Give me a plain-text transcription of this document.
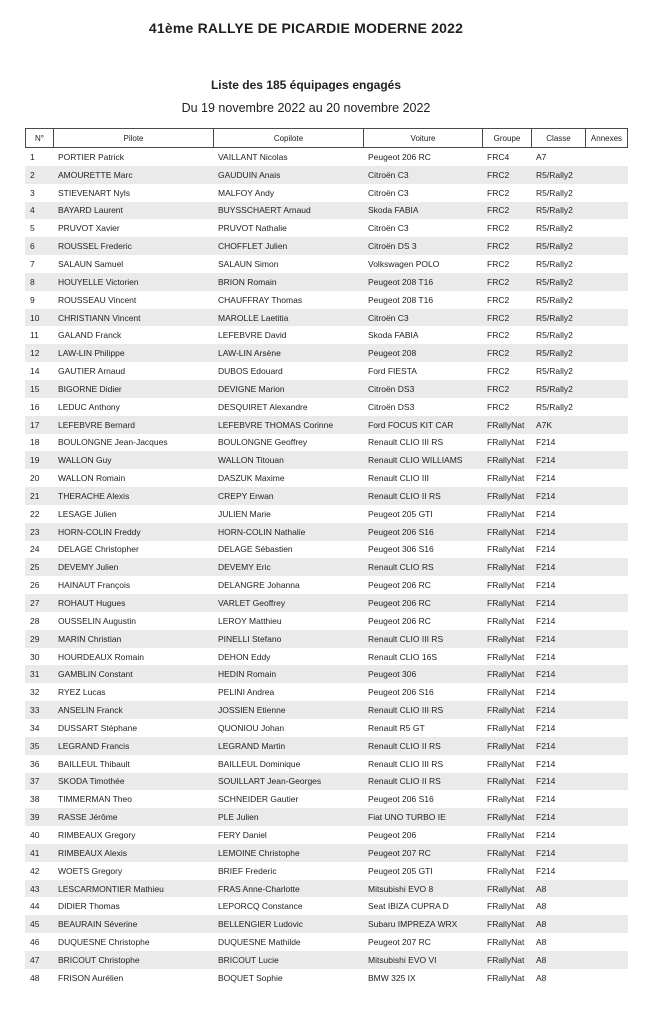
41ème RALLYE DE PICARDIE MODERNE 2022
Liste des 185 équipages engagés
Du 19 novembre 2022 au 20 novembre 2022
N°	Pilote	Copilote	Voiture	Groupe	Classe	Annexes
1	PORTIER Patrick	VAILLANT Nicolas	Peugeot 206 RC	FRC4	A7
2	AMOURETTE Marc	GAUDUIN Anais	Citroën C3	FRC2	R5/Rally2
3	STIEVENART Nyls	MALFOY Andy	Citroën C3	FRC2	R5/Rally2
4	BAYARD Laurent	BUYSSCHAERT Arnaud	Skoda FABIA	FRC2	R5/Rally2
5	PRUVOT Xavier	PRUVOT Nathalie	Citroën C3	FRC2	R5/Rally2
6	ROUSSEL Frederic	CHOFFLET Julien	Citroën DS 3	FRC2	R5/Rally2
7	SALAUN Samuel	SALAUN Simon	Volkswagen POLO	FRC2	R5/Rally2
8	HOUYELLE Victorien	BRION Romain	Peugeot 208 T16	FRC2	R5/Rally2
9	ROUSSEAU Vincent	CHAUFFRAY Thomas	Peugeot 208 T16	FRC2	R5/Rally2
10	CHRISTIANN Vincent	MAROLLE Laetitia	Citroën C3	FRC2	R5/Rally2
11	GALAND Franck	LEFEBVRE David	Skoda FABIA	FRC2	R5/Rally2
12	LAW-LIN Philippe	LAW-LIN Arsène	Peugeot 208	FRC2	R5/Rally2
14	GAUTIER Arnaud	DUBOS Edouard	Ford FIESTA	FRC2	R5/Rally2
15	BIGORNE Didier	DEVIGNE Marion	Citroën DS3	FRC2	R5/Rally2
16	LEDUC Anthony	DESQUIRET Alexandre	Citroën DS3	FRC2	R5/Rally2
17	LEFEBVRE Bernard	LEFEBVRE THOMAS Corinne	Ford FOCUS KIT CAR	FRallyNat	A7K
18	BOULONGNE Jean-Jacques	BOULONGNE Geoffrey	Renault CLIO III RS	FRallyNat	F214
19	WALLON Guy	WALLON Titouan	Renault CLIO WILLIAMS	FRallyNat	F214
20	WALLON Romain	DASZUK Maxime	Renault CLIO III	FRallyNat	F214
21	THERACHE Alexis	CREPY Erwan	Renault CLIO II RS	FRallyNat	F214
22	LESAGE Julien	JULIEN Marie	Peugeot 205 GTI	FRallyNat	F214
23	HORN-COLIN Freddy	HORN-COLIN Nathalie	Peugeot 206 S16	FRallyNat	F214
24	DELAGE Christopher	DELAGE Sébastien	Peugeot 306 S16	FRallyNat	F214
25	DEVEMY Julien	DEVEMY Eric	Renault CLIO RS	FRallyNat	F214
26	HAINAUT François	DELANGRE Johanna	Peugeot 206 RC	FRallyNat	F214
27	ROHAUT Hugues	VARLET Geoffrey	Peugeot 206 RC	FRallyNat	F214
28	OUSSELIN Augustin	LEROY Matthieu	Peugeot 206 RC	FRallyNat	F214
29	MARIN Christian	PINELLI Stefano	Renault CLIO III RS	FRallyNat	F214
30	HOURDEAUX Romain	DEHON Eddy	Renault CLIO 16S	FRallyNat	F214
31	GAMBLIN Constant	HEDIN Romain	Peugeot 306	FRallyNat	F214
32	RYEZ Lucas	PELINI Andrea	Peugeot 206 S16	FRallyNat	F214
33	ANSELIN Franck	JOSSIEN Etienne	Renault CLIO III RS	FRallyNat	F214
34	DUSSART Stéphane	QUONIOU Johan	Renault R5 GT	FRallyNat	F214
35	LEGRAND Francis	LEGRAND Martin	Renault CLIO II RS	FRallyNat	F214
36	BAILLEUL Thibault	BAILLEUL Dominique	Renault CLIO III RS	FRallyNat	F214
37	SKODA Timothée	SOUILLART Jean-Georges	Renault CLIO II RS	FRallyNat	F214
38	TIMMERMAN Theo	SCHNEIDER Gautier	Peugeot 206 S16	FRallyNat	F214
39	RASSE Jérôme	PLE Julien	Fiat UNO TURBO IE	FRallyNat	F214
40	RIMBEAUX Gregory	FERY Daniel	Peugeot 206	FRallyNat	F214
41	RIMBEAUX Alexis	LEMOINE Christophe	Peugeot 207 RC	FRallyNat	F214
42	WOETS Gregory	BRIEF Frederic	Peugeot 205 GTI	FRallyNat	F214
43	LESCARMONTIER Mathieu	FRAS Anne-Charlotte	Mitsubishi EVO 8	FRallyNat	A8
44	DIDIER Thomas	LEPORCQ Constance	Seat IBIZA CUPRA D	FRallyNat	A8
45	BEAURAIN Séverine	BELLENGIER Ludovic	Subaru IMPREZA WRX	FRallyNat	A8
46	DUQUESNE Christophe	DUQUESNE Mathilde	Peugeot 207 RC	FRallyNat	A8
47	BRICOUT Christophe	BRICOUT Lucie	Mitsubishi EVO VI	FRallyNat	A8
48	FRISON Aurélien	BOQUET Sophie	BMW 325 IX	FRallyNat	A8
